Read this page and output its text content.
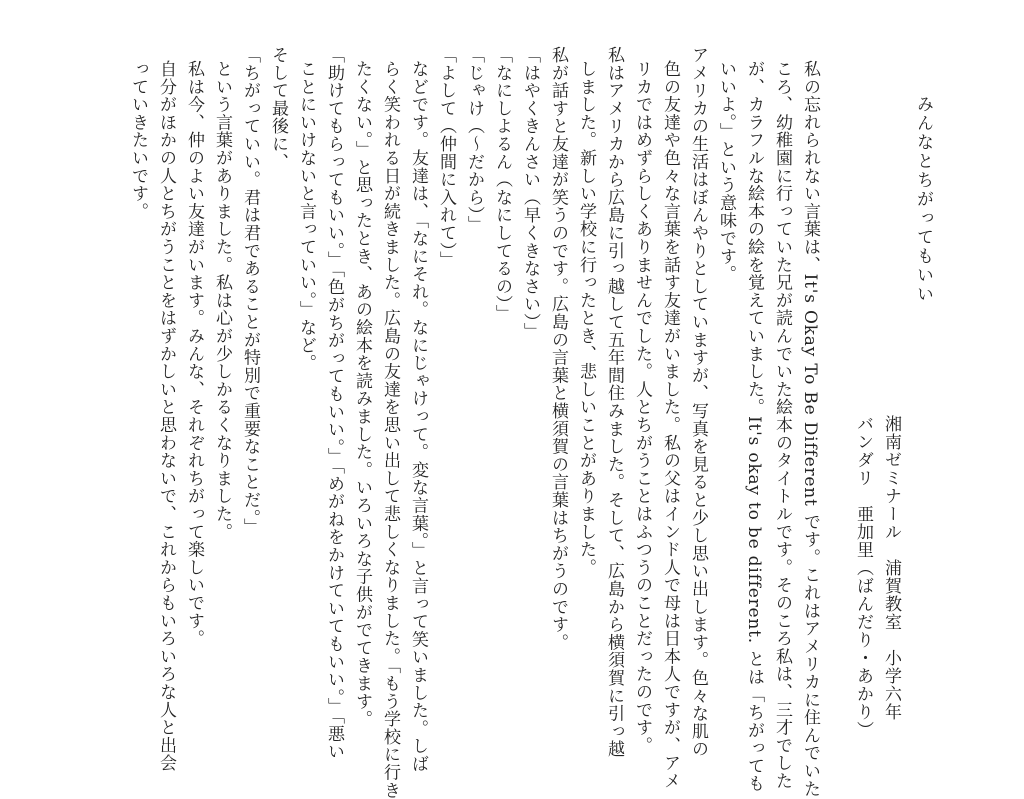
みんなとちがってもいい
湘南ゼミナール　浦賀教室　小学六年
バンダリ　亜加里（ばんだり・あかり）
私の忘れられない言葉は、It's Okay To Be Different です。これはアメリカに住んでいた
ころ、幼稚園に行っていた兄が読んでいた絵本のタイトルです。そのころ私は、三才でした
が、カラフルな絵本の絵を覚えていました。It's okay to be different. とは「ちがっても
いいよ。」という意味です。
アメリカの生活はぼんやりとしていますが、写真を見ると少し思い出します。色々な肌の
色の友達や色々な言葉を話す友達がいました。私の父はインド人で母は日本人ですが、アメ
リカではめずらしくありませんでした。人とちがうことはふつうのことだったのです。
私はアメリカから広島に引っ越して五年間住みました。そして、広島から横須賀に引っ越
しました。新しい学校に行ったとき、悲しいことがありました。
私が話すと友達が笑うのです。広島の言葉と横須賀の言葉はちがうのです。
「はやくきんさい（早くきなさい）」
「なにしよるん（なにしてるの）」
「じゃけ（〜だから）」
「よして（仲間に入れて）」
などです。友達は、「なにそれ。なにじゃけって。変な言葉。」と言って笑いました。しば
らく笑われる日が続きました。広島の友達を思い出して悲しくなりました。「もう学校に行き
たくない。」と思ったとき、あの絵本を読みました。いろいろな子供がでてきます。
「助けてもらってもいい。」「色がちがってもいい。」「めがねをかけていてもいい。」「悪い
ことにいけないと言っていい。」など。
そして最後に、
「ちがっていい。君は君であることが特別で重要なことだ。」
という言葉がありました。私は心が少しかるくなりました。
私は今、仲のよい友達がいます。みんな、それぞれちがって楽しいです。
自分がほかの人とちがうことをはずかしいと思わないで、これからもいろいろな人と出会
っていきたいです。
